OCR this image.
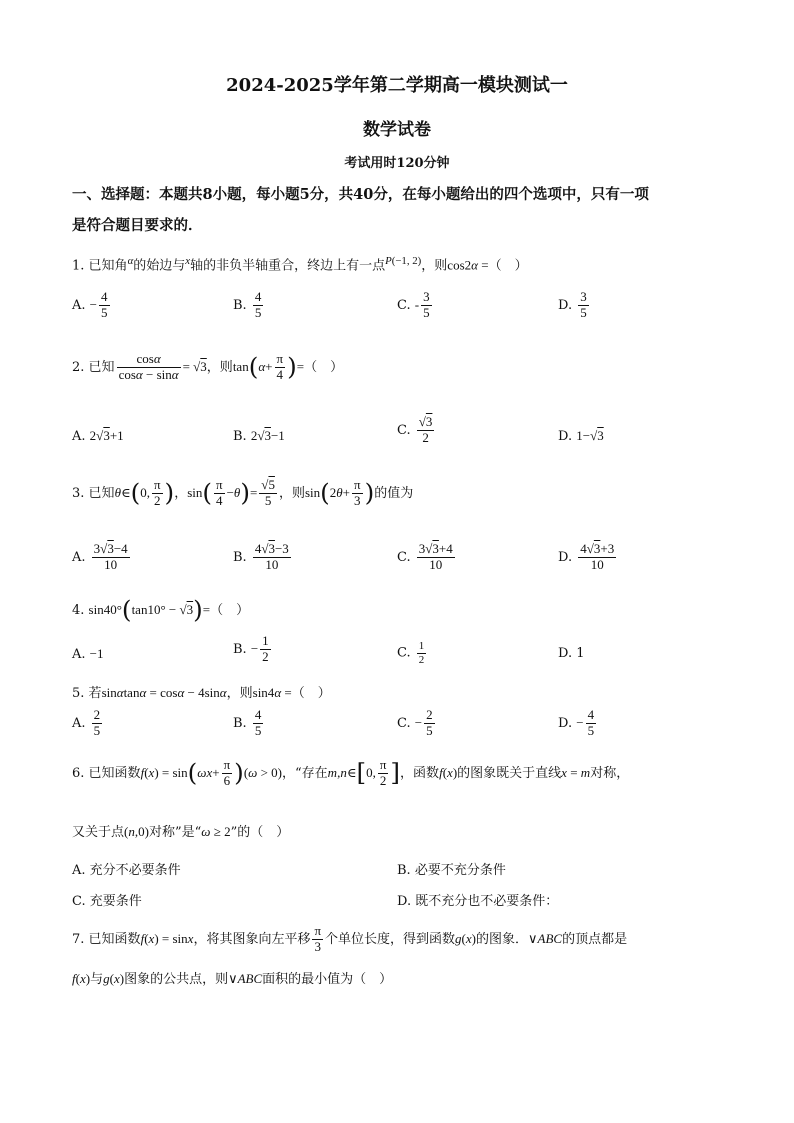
2024-2025学年第二学期高一模块测试一
数学试卷
考试用时120分钟
一、选择题：本题共8小题，每小题5分，共40分，在每小题给出的四个选项中，只有一项
是符合题目要求的．
1. 已知角$^\alpha$的始边与$^x$轴的非负半轴重合，终边上有一点$^{P(-1, 2)}$，则cos2α =（　）
A. − $\frac{4}{5}$	B. $\frac{4}{5}$	C. - $\frac{3}{5}$	D. $\frac{3}{5}$
2. 已知 $\frac{\cos\alpha}{\cos\alpha - \sin\alpha} = √3$，则$\tan(\alpha+ \frac{\pi}{4}$ )=（　）
A. 2√3+1	B. 2√3−1	C. $\frac{√3}{2}$	D. 1−√3
3. 已知θ∈(0, $\frac{\pi}{2}$ )，$\sin( \frac{\pi}{4} -\theta)= \frac{√5}{5}$ ，则$\sin(2\theta+ \frac{\pi}{3}$ )的值为
A. $\frac{3√3-4}{10}$	B. $\frac{4√3-3}{10}$	C. $\frac{3√3+4}{10}$	D. $\frac{4√3+3}{10}$
4. sin40°(tan10° − √3)=（　）
A. −1	B. − $\frac{1}{2}$	C. $\frac{1}{2}$	D. 1
5. 若sinαtanα = cosα − 4sinα，则sin4α =（　）
A. $\frac{2}{5}$	B. $\frac{4}{5}$	C. − $\frac{2}{5}$	D. − $\frac{4}{5}$
6. 已知函数$f(x) = \sin(\omega x+ \frac{\pi}{6} )(\omega > 0)$，“存在m,n∈[0, $\frac{\pi}{2}$ ]，函数f(x)的图象既关于直线x = m对称，
又关于点(n,0)对称”是“ω ≥ 2”的（　）
A. 充分不必要条件	B. 必要不充分条件
C. 充要条件	D. 既不充分也不必要条件：
7. 已知函数f(x) = sinx，将其图象向左平移 $\frac{\pi}{3}$ 个单位长度，得到函数g(x)的图象．∨ABC的顶点都是
f(x)与g(x)图象的公共点，则∨ABC面积的最小值为（　）
